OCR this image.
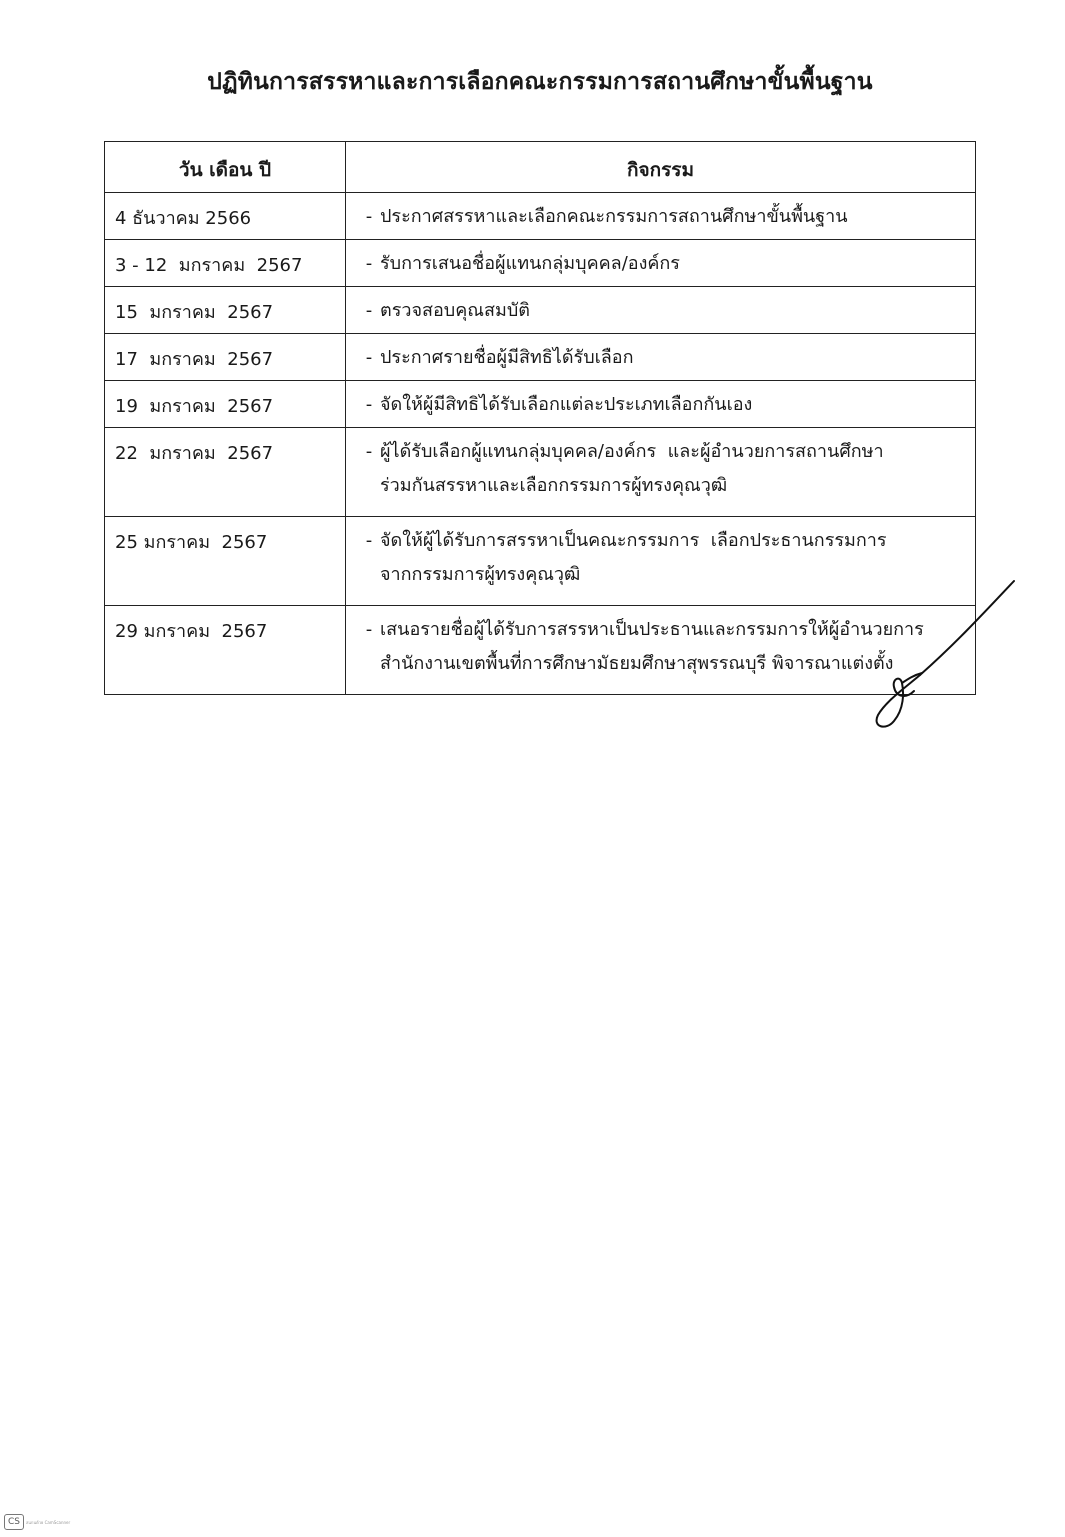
ปฏิทินการสรรหาและการเลือกคณะกรรมการสถานศึกษาขั้นพื้นฐาน
วัน เดือน ปี	กิจกรรม
4 ธันวาคม 2566	- ประกาศสรรหาและเลือกคณะกรรมการสถานศึกษาขั้นพื้นฐาน

3 - 12  มกราคม  2567	- รับการเสนอชื่อผู้แทนกลุ่มบุคคล/องค์กร

15  มกราคม  2567	- ตรวจสอบคุณสมบัติ

17  มกราคม  2567	- ประกาศรายชื่อผู้มีสิทธิได้รับเลือก

19  มกราคม  2567	- จัดให้ผู้มีสิทธิได้รับเลือกแต่ละประเภทเลือกกันเอง

22  มกราคม  2567	- ผู้ได้รับเลือกผู้แทนกลุ่มบุคคล/องค์กร  และผู้อำนวยการสถานศึกษา
ร่วมกันสรรหาและเลือกกรรมการผู้ทรงคุณวุฒิ

25 มกราคม  2567	- จัดให้ผู้ได้รับการสรรหาเป็นคณะกรรมการ  เลือกประธานกรรมการ
จากกรรมการผู้ทรงคุณวุฒิ

29 มกราคม  2567	- เสนอรายชื่อผู้ได้รับการสรรหาเป็นประธานและกรรมการให้ผู้อำนวยการ
สำนักงานเขตพื้นที่การศึกษามัธยมศึกษาสุพรรณบุรี พิจารณาแต่งตั้ง
CS	สแกนด้วย CamScanner
